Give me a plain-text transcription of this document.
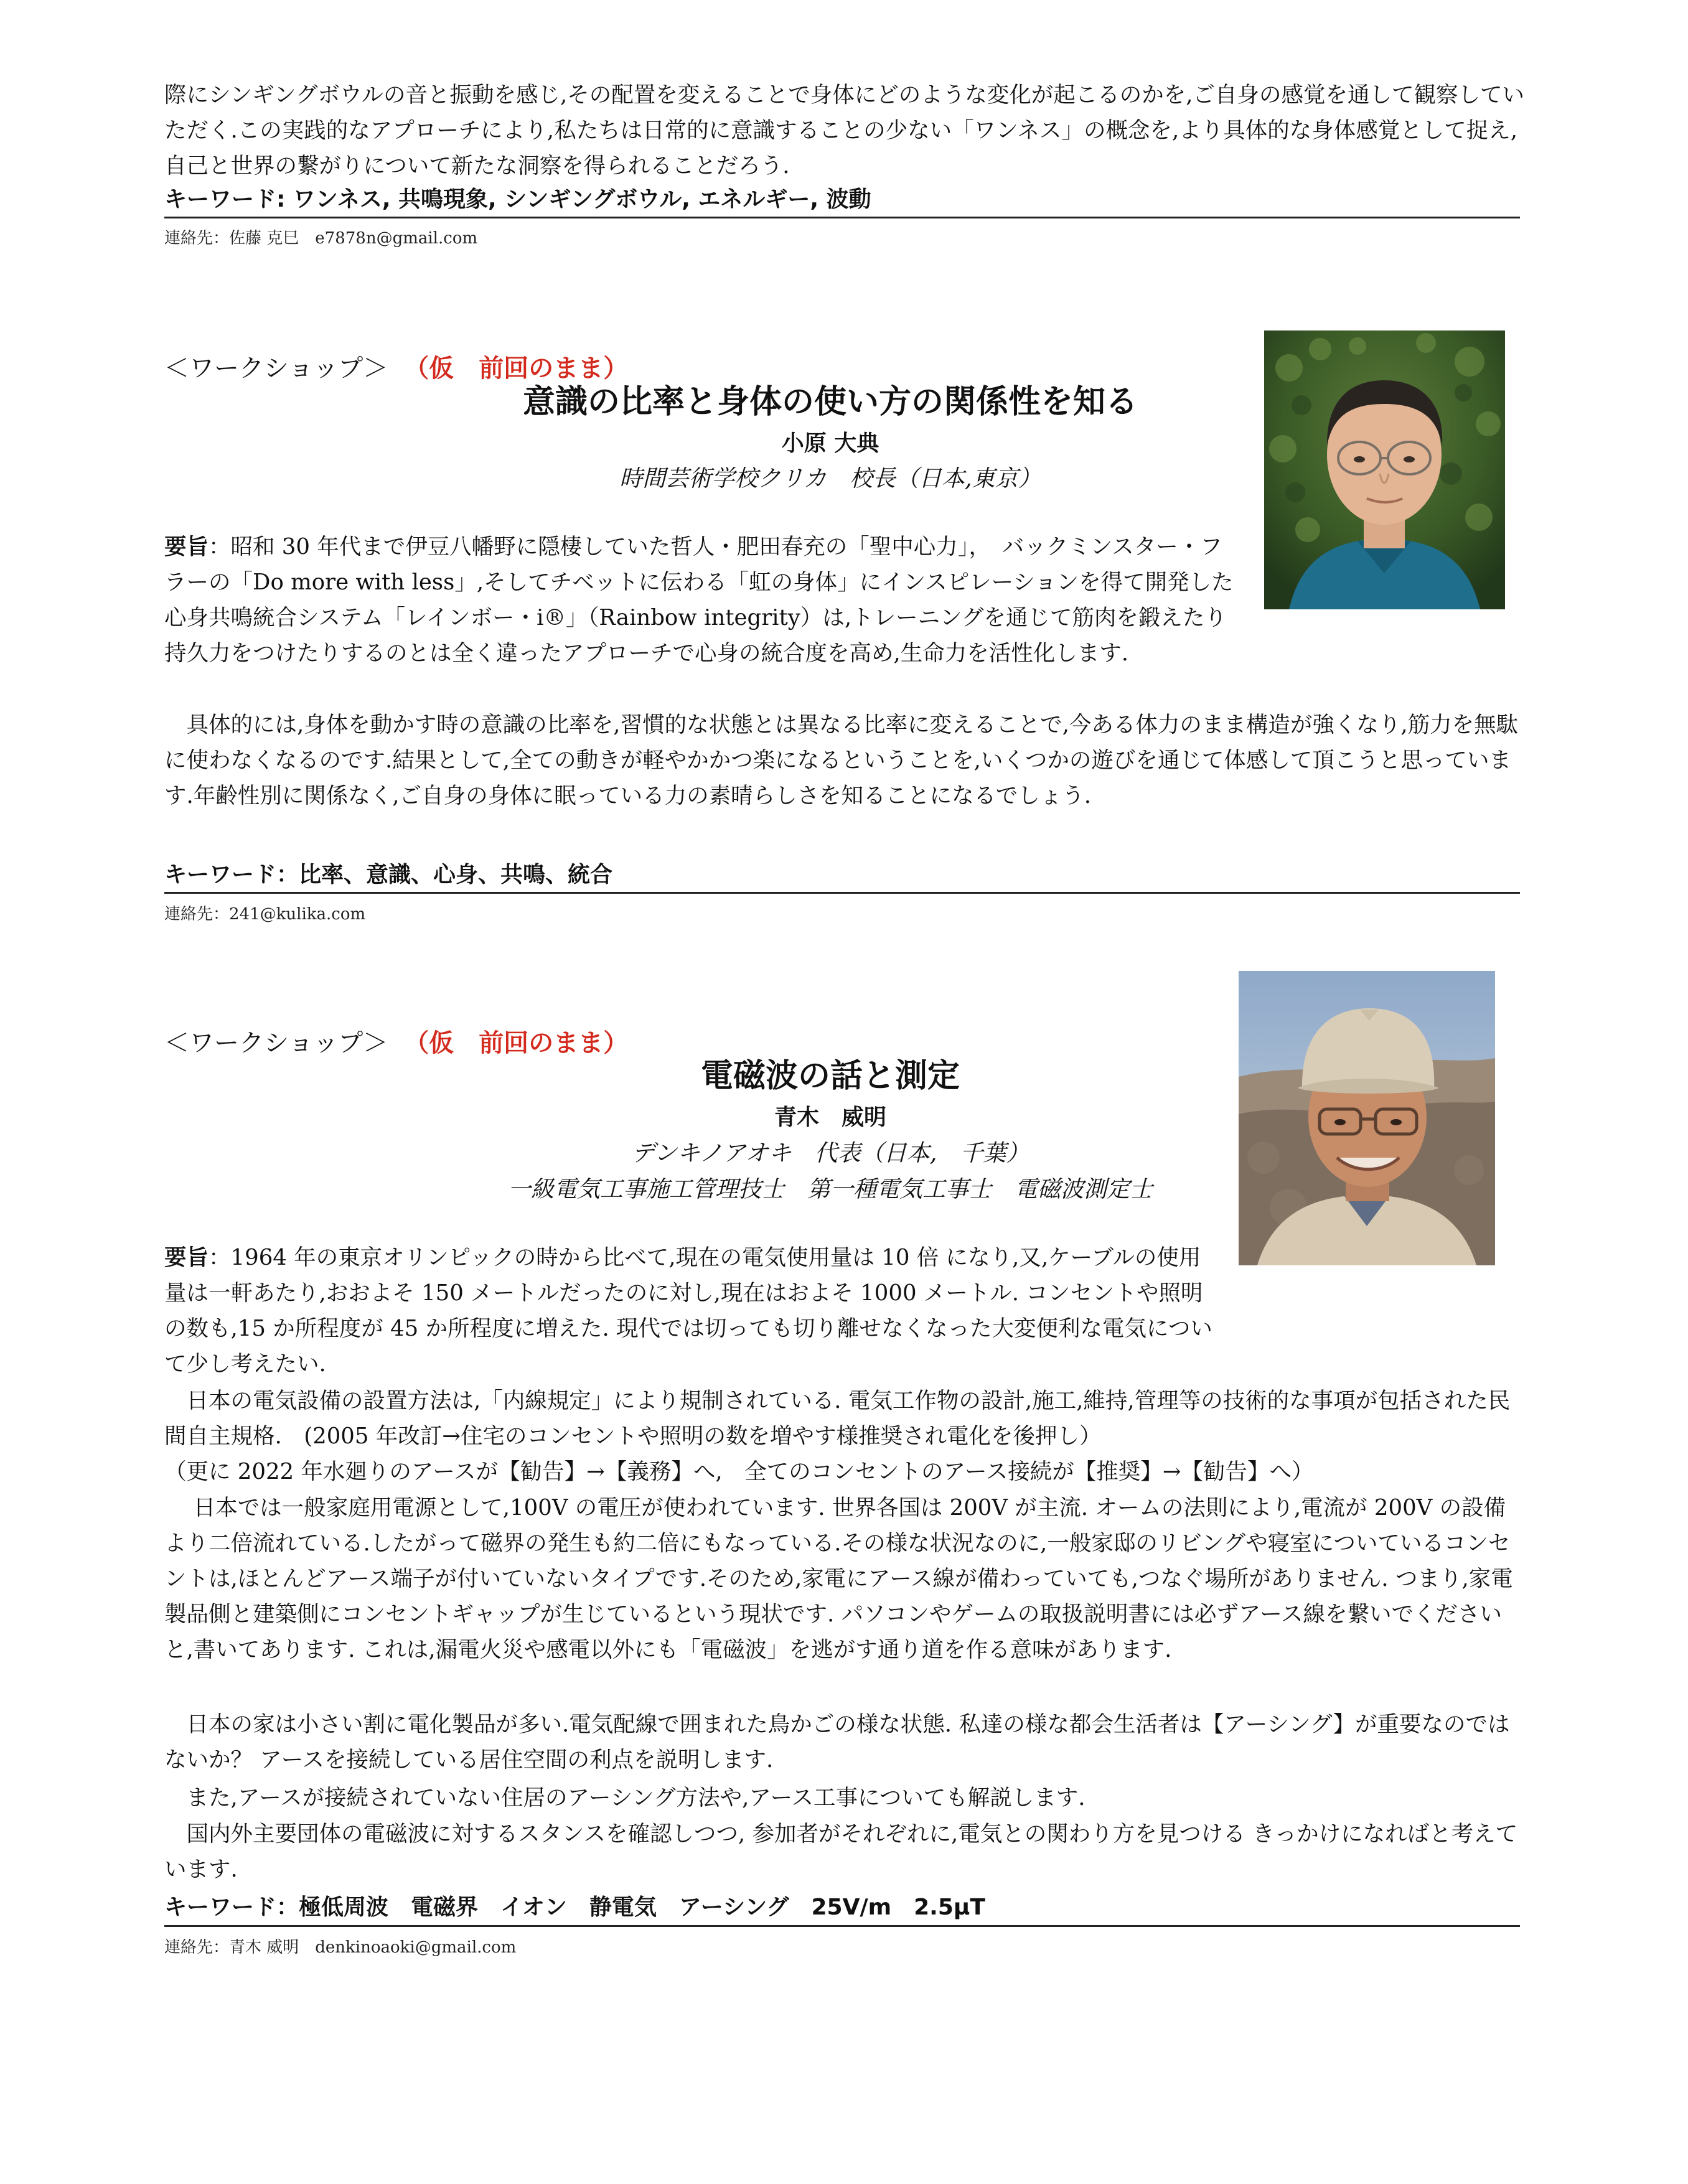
際にシンギングボウルの音と振動を感じ,その配置を変えることで身体にどのような変化が起こるのかを,ご自身の感覚を通して観察していただく.この実践的なアプローチにより,私たちは日常的に意識することの少ない「ワンネス」の概念を,より具体的な身体感覚として捉え,自己と世界の繋がりについて新たな洞察を得られることだろう.
キーワード: ワンネス, 共鳴現象, シンギングボウル, エネルギー, 波動
連絡先：佐藤 克巳　e7878n@gmail.com
＜ワークショップ＞ （仮　前回のまま）
意識の比率と身体の使い方の関係性を知る
小原 大典
時間芸術学校クリカ　校長（日本,東京）
要旨：昭和 30 年代まで伊豆八幡野に隠棲していた哲人・肥田春充の「聖中心力」，　バックミンスター・フラーの「Do more with less」,そしてチベットに伝わる「虹の身体」にインスピレーションを得て開発した心身共鳴統合システム「レインボー・i®」（Rainbow integrity）は,トレーニングを通じて筋肉を鍛えたり持久力をつけたりするのとは全く違ったアプローチで心身の統合度を高め,生命力を活性化します.
　具体的には,身体を動かす時の意識の比率を,習慣的な状態とは異なる比率に変えることで,今ある体力のまま構造が強くなり,筋力を無駄に使わなくなるのです.結果として,全ての動きが軽やかかつ楽になるということを,いくつかの遊びを通じて体感して頂こうと思っています.年齢性別に関係なく,ご自身の身体に眠っている力の素晴らしさを知ることになるでしょう.
キーワード：比率、意識、心身、共鳴、統合
連絡先：241@kulika.com
＜ワークショップ＞ （仮　前回のまま）
電磁波の話と測定
青木　威明
デンキノアオキ　代表（日本,　千葉）
一級電気工事施工管理技士　第一種電気工事士　電磁波測定士
要旨：1964 年の東京オリンピックの時から比べて,現在の電気使用量は 10 倍 になり,又,ケーブルの使用量は一軒あたり,おおよそ 150 メートルだったのに対し,現在はおよそ 1000 メートル. コンセントや照明の数も,15 か所程度が 45 か所程度に増えた. 現代では切っても切り離せなくなった大変便利な電気について少し考えたい.
　日本の電気設備の設置方法は,「内線規定」により規制されている. 電気工作物の設計,施工,維持,管理等の技術的な事項が包括された民間自主規格.　(2005 年改訂→住宅のコンセントや照明の数を増やす様推奨され電化を後押し）
（更に 2022 年水廻りのアースが【勧告】→【義務】へ,　全てのコンセントのアース接続が【推奨】→【勧告】へ）
　 日本では一般家庭用電源として,100V の電圧が使われています. 世界各国は 200V が主流. オームの法則により,電流が 200V の設備より二倍流れている.したがって磁界の発生も約二倍にもなっている.その様な状況なのに,一般家邸のリビングや寝室についているコンセントは,ほとんどアース端子が付いていないタイプです.そのため,家電にアース線が備わっていても,つなぐ場所がありません. つまり,家電製品側と建築側にコンセントギャップが生じているという現状です. パソコンやゲームの取扱説明書には必ずアース線を繋いでくださいと,書いてあります. これは,漏電火災や感電以外にも「電磁波」を逃がす通り道を作る意味があります.
　日本の家は小さい割に電化製品が多い.電気配線で囲まれた鳥かごの様な状態. 私達の様な都会生活者は【アーシング】が重要なのではないか？ アースを接続している居住空間の利点を説明します.
　また,アースが接続されていない住居のアーシング方法や,アース工事についても解説します.
　国内外主要団体の電磁波に対するスタンスを確認しつつ, 参加者がそれぞれに,電気との関わり方を見つける きっかけになればと考えています.
キーワード：極低周波　電磁界　イオン　静電気　アーシング　25V/m　2.5μT
連絡先：青木 威明　denkinoaoki@gmail.com
